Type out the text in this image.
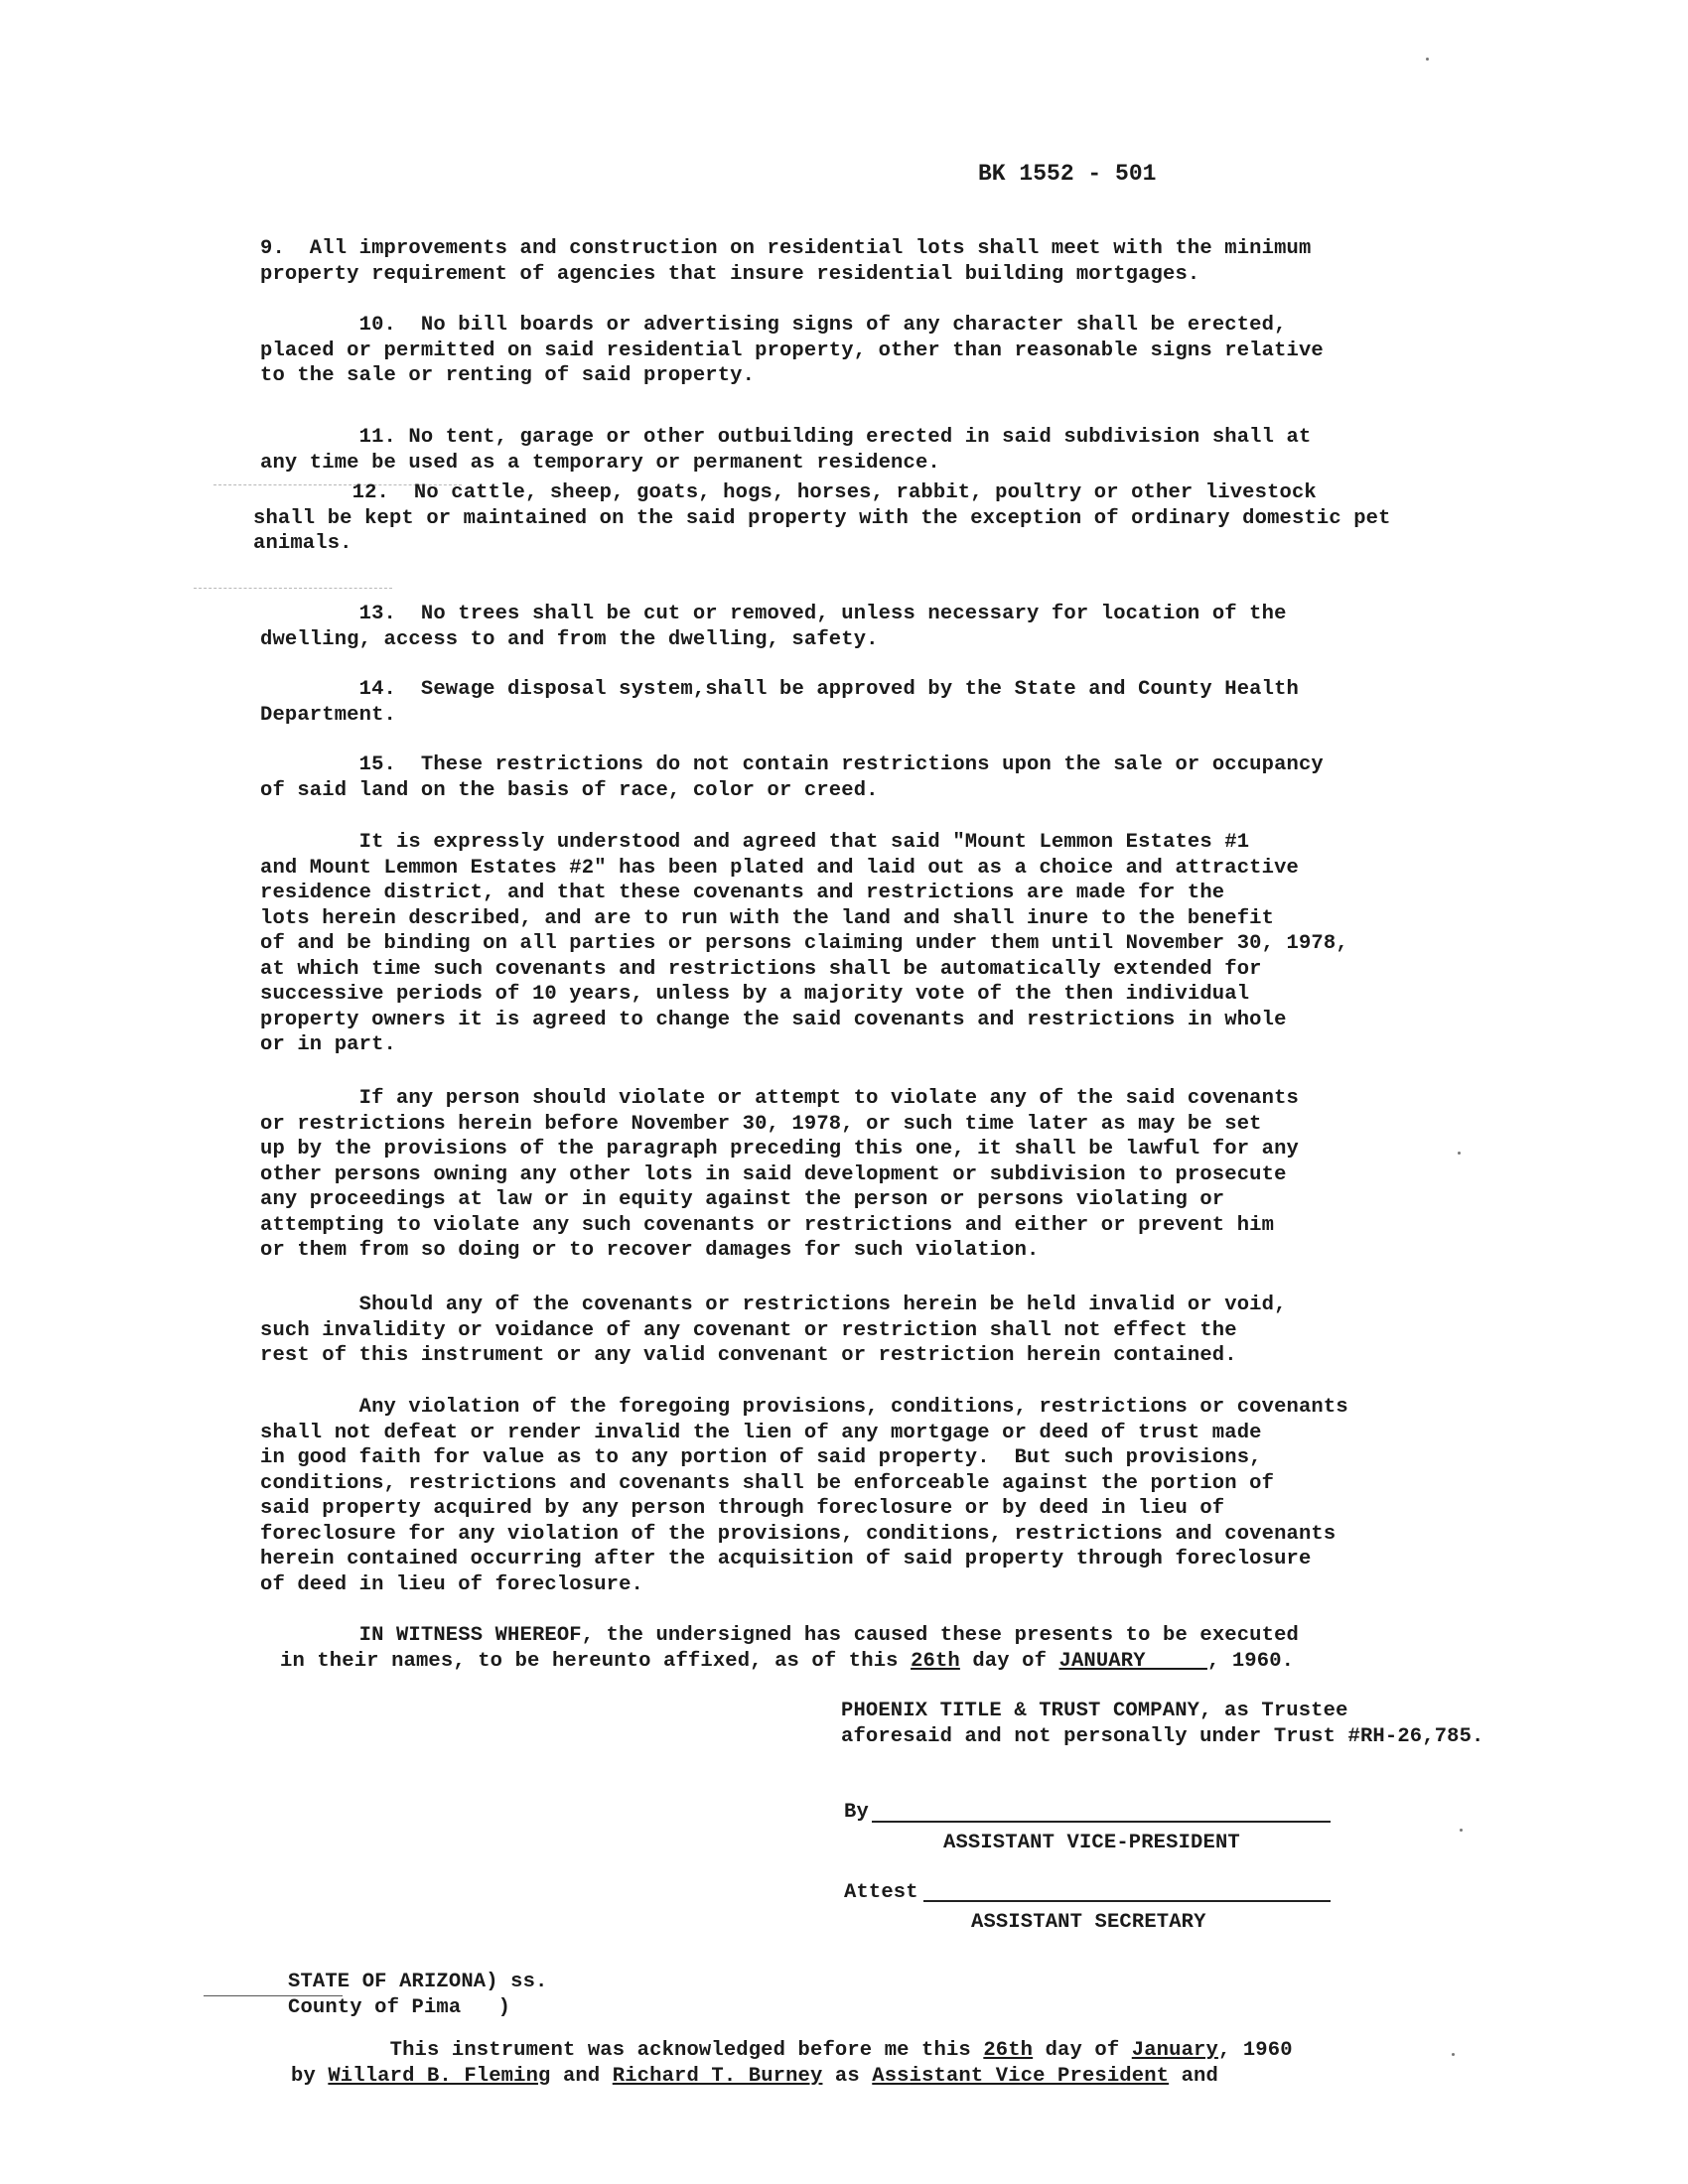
BK 1552 - 501

9.  All improvements and construction on residential lots shall meet with the minimum
property requirement of agencies that insure residential building mortgages.

10.  No bill boards or advertising signs of any character shall be erected,
placed or permitted on said residential property, other than reasonable signs relative
to the sale or renting of said property.

11. No tent, garage or other outbuilding erected in said subdivision shall at
any time be used as a temporary or permanent residence.

12.  No cattle, sheep, goats, hogs, horses, rabbit, poultry or other livestock
shall be kept or maintained on the said property with the exception of ordinary domestic pet
animals.

13.  No trees shall be cut or removed, unless necessary for location of the
dwelling, access to and from the dwelling, safety.

14.  Sewage disposal system,shall be approved by the State and County Health
Department.

15.  These restrictions do not contain restrictions upon the sale or occupancy
of said land on the basis of race, color or creed.

It is expressly understood and agreed that said "Mount Lemmon Estates #1
and Mount Lemmon Estates #2" has been plated and laid out as a choice and attractive
residence district, and that these covenants and restrictions are made for the
lots herein described, and are to run with the land and shall inure to the benefit
of and be binding on all parties or persons claiming under them until November 30, 1978,
at which time such covenants and restrictions shall be automatically extended for
successive periods of 10 years, unless by a majority vote of the then individual
property owners it is agreed to change the said covenants and restrictions in whole
or in part.

If any person should violate or attempt to violate any of the said covenants
or restrictions herein before November 30, 1978, or such time later as may be set
up by the provisions of the paragraph preceding this one, it shall be lawful for any
other persons owning any other lots in said development or subdivision to prosecute
any proceedings at law or in equity against the person or persons violating or
attempting to violate any such covenants or restrictions and either or prevent him
or them from so doing or to recover damages for such violation.

Should any of the covenants or restrictions herein be held invalid or void,
such invalidity or voidance of any covenant or restriction shall not effect the
rest of this instrument or any valid convenant or restriction herein contained.

Any violation of the foregoing provisions, conditions, restrictions or covenants
shall not defeat or render invalid the lien of any mortgage or deed of trust made
in good faith for value as to any portion of said property.  But such provisions,
conditions, restrictions and covenants shall be enforceable against the portion of
said property acquired by any person through foreclosure or by deed in lieu of
foreclosure for any violation of the provisions, conditions, restrictions and covenants
herein contained occurring after the acquisition of said property through foreclosure
of deed in lieu of foreclosure.

IN WITNESS WHEREOF, the undersigned has caused these presents to be executed

in their names, to be hereunto affixed, as of this 26th day of JANUARY     , 1960.

PHOENIX TITLE & TRUST COMPANY, as Trustee

aforesaid and not personally under Trust #RH-26,785.

By

ASSISTANT VICE-PRESIDENT

Attest

ASSISTANT SECRETARY

STATE OF ARIZONA) ss.

County of Pima   )

This instrument was acknowledged before me this 26th day of January, 1960

by Willard B. Fleming and Richard T. Burney as Assistant Vice President and
